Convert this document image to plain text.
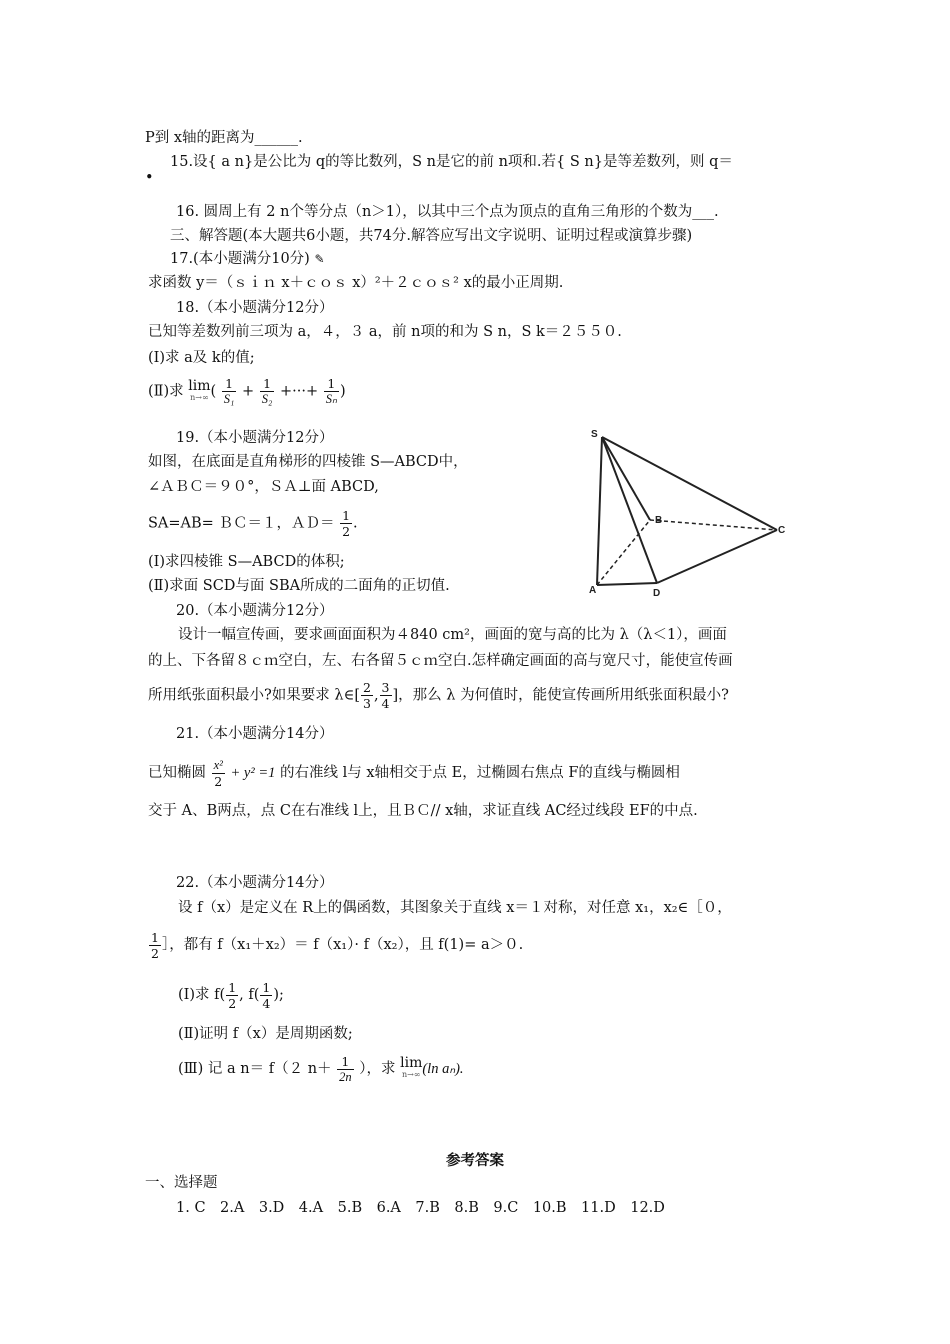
P到 x轴的距离为______.
15.设{ a n}是公比为 q的等比数列，S n是它的前 n项和.若{ S n}是等差数列，则 q＝
•
16. 圆周上有 2 n个等分点（n＞1），以其中三个点为顶点的直角三角形的个数为___.
三、解答题(本大题共6小题，共74分.解答应写出文字说明、证明过程或演算步骤)
17.(本小题满分10分) ✎
求函数 y＝（ｓｉｎ x＋ｃｏｓ x）²＋２ｃｏｓ² x的最小正周期.
18.（本小题满分12分）
已知等差数列前三项为 a，４，３ a，前 n项的和为 S n，S k＝２５５０.
(Ⅰ)求 a及 k的值;
(Ⅱ)求 lim
n→∞ ( $\frac{1}{\text{S₁}} + \frac{1}{\text{S₂}}$ +···+ $\frac{1}{\text{Sₙ}}$ )
19.（本小题满分12分）
如图，在底面是直角梯形的四棱锥 S—ABCD中，
∠ＡＢＣ＝９０°，ＳＡ⊥面 ABCD,
SA=AB= ＢＣ＝１，ＡＤ＝ $\frac{1}{2}$ .
(Ⅰ)求四棱锥 S—ABCD的体积;
(Ⅱ)求面 SCD与面 SBA所成的二面角的正切值.
S
B
C
A	D
20.（本小题满分12分）
设计一幅宣传画，要求画面面积为４840 cm²，画面的宽与高的比为 λ（λ＜1），画面
的上、下各留８ｃｍ空白，左、右各留５ｃｍ空白.怎样确定画面的高与宽尺寸，能使宣传画
所用纸张面积最小?如果要求 λ∈[ $\frac{2}{3}$ , $\frac{3}{4}$ ]，那么 λ 为何值时，能使宣传画所用纸张面积最小?
21.（本小题满分14分）
已知椭圆 $\frac{\text{x²}}{2} + y^2 =1$ 的右准线 l与 x轴相交于点 E，过椭圆右焦点 F的直线与椭圆相
交于 A、B两点，点 C在右准线 l上，且ＢＣ// x轴，求证直线 AC经过线段 EF的中点.
22.（本小题满分14分）
设 f（x）是定义在 R上的偶函数，其图象关于直线 x＝１对称，对任意 x₁，x₂∈［０，
$\frac{1}{2}$ ］，都有 f（x₁＋x₂）＝ f（x₁）· f（x₂），且 f(1)= a＞０.
(Ⅰ)求 $f( \frac{1}{2}$ , $f( \frac{1}{4}$ );
(Ⅱ)证明 f（x）是周期函数;
(Ⅲ) 记 a n＝ f（２ $n+ \frac{1}{2n}$ ），求 lim
n→∞ (ln aₙ).
参考答案
一、选择题
1. C　2.A　3.D　4.A　5.B　6.A　7.B　8.B　9.C　10.B　11.D　12.D
